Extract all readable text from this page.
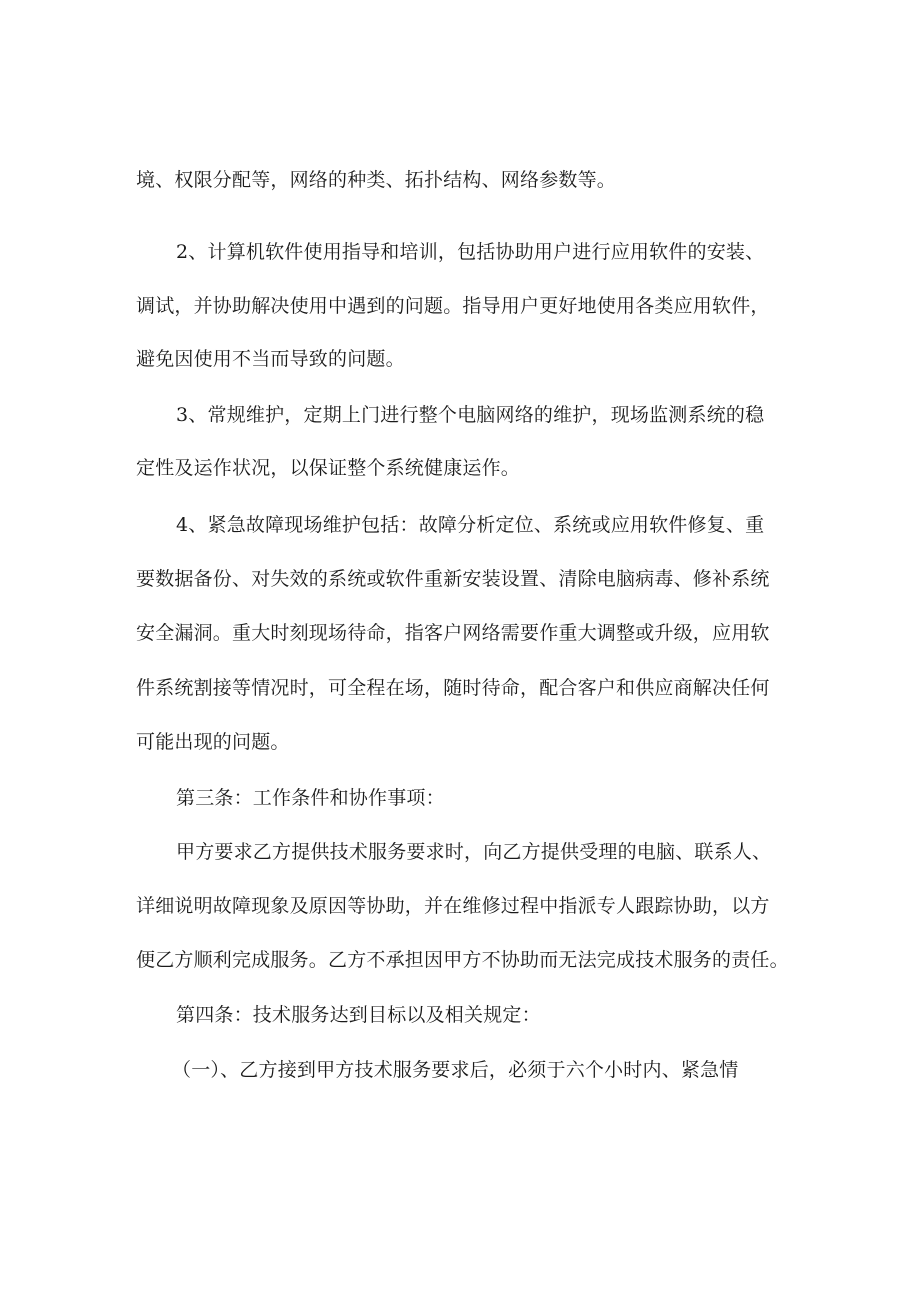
境、权限分配等，网络的种类、拓扑结构、网络参数等。
2、计算机软件使用指导和培训，包括协助用户进行应用软件的安装、
调试，并协助解决使用中遇到的问题。指导用户更好地使用各类应用软件，
避免因使用不当而导致的问题。
3、常规维护，定期上门进行整个电脑网络的维护，现场监测系统的稳
定性及运作状况，以保证整个系统健康运作。
4、紧急故障现场维护包括：故障分析定位、系统或应用软件修复、重
要数据备份、对失效的系统或软件重新安装设置、清除电脑病毒、修补系统
安全漏洞。重大时刻现场待命，指客户网络需要作重大调整或升级，应用软
件系统割接等情况时，可全程在场，随时待命，配合客户和供应商解决任何
可能出现的问题。
第三条：工作条件和协作事项：
甲方要求乙方提供技术服务要求时，向乙方提供受理的电脑、联系人、
详细说明故障现象及原因等协助，并在维修过程中指派专人跟踪协助，以方
便乙方顺利完成服务。乙方不承担因甲方不协助而无法完成技术服务的责任。
第四条：技术服务达到目标以及相关规定：
（一）、乙方接到甲方技术服务要求后，必须于六个小时内、紧急情
